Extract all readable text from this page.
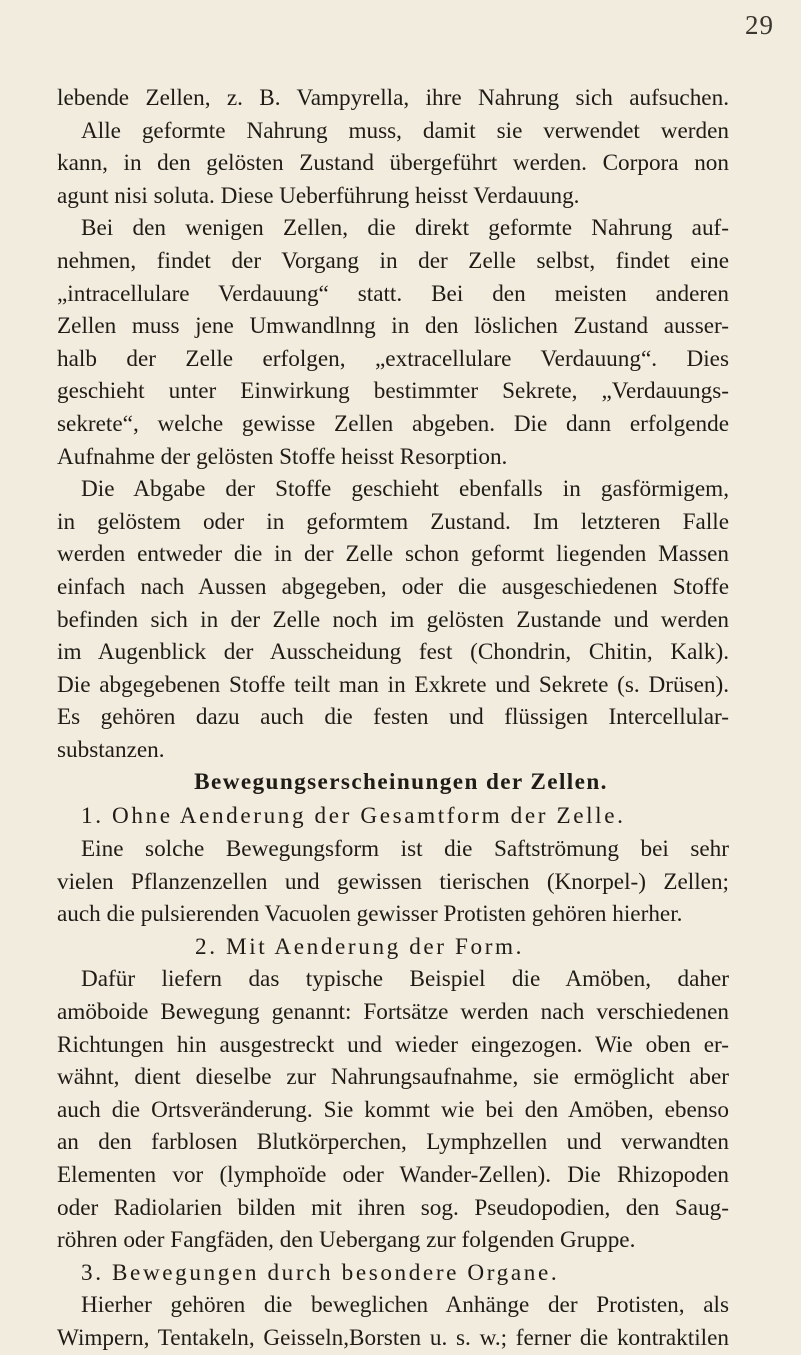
29
lebende Zellen, z. B. Vampyrella, ihre Nahrung sich aufsuchen.
Alle geformte Nahrung muss, damit sie verwendet werden
kann, in den gelösten Zustand übergeführt werden. Corpora non
agunt nisi soluta. Diese Ueberführung heisst Verdauung.
Bei den wenigen Zellen, die direkt geformte Nahrung auf-
nehmen, findet der Vorgang in der Zelle selbst, findet eine
„intracellulare Verdauung“ statt. Bei den meisten anderen
Zellen muss jene Umwandlnng in den löslichen Zustand ausser-
halb der Zelle erfolgen, „extracellulare Verdauung“. Dies
geschieht unter Einwirkung bestimmter Sekrete, „Verdauungs-
sekrete“, welche gewisse Zellen abgeben. Die dann erfolgende
Aufnahme der gelösten Stoffe heisst Resorption.
Die Abgabe der Stoffe geschieht ebenfalls in gasförmigem,
in gelöstem oder in geformtem Zustand. Im letzteren Falle
werden entweder die in der Zelle schon geformt liegenden Massen
einfach nach Aussen abgegeben, oder die ausgeschiedenen Stoffe
befinden sich in der Zelle noch im gelösten Zustande und werden
im Augenblick der Ausscheidung fest (Chondrin, Chitin, Kalk).
Die abgegebenen Stoffe teilt man in Exkrete und Sekrete (s. Drüsen).
Es gehören dazu auch die festen und flüssigen Intercellular-
substanzen.
Bewegungserscheinungen der Zellen.
1. Ohne Aenderung der Gesamtform der Zelle.
Eine solche Bewegungsform ist die Saftströmung bei sehr
vielen Pflanzenzellen und gewissen tierischen (Knorpel-) Zellen;
auch die pulsierenden Vacuolen gewisser Protisten gehören hierher.
2. Mit Aenderung der Form.
Dafür liefern das typische Beispiel die Amöben, daher
amöboide Bewegung genannt: Fortsätze werden nach verschiedenen
Richtungen hin ausgestreckt und wieder eingezogen. Wie oben er-
wähnt, dient dieselbe zur Nahrungsaufnahme, sie ermöglicht aber
auch die Ortsveränderung. Sie kommt wie bei den Amöben, ebenso
an den farblosen Blutkörperchen, Lymphzellen und verwandten
Elementen vor (lymphoïde oder Wander-Zellen). Die Rhizopoden
oder Radiolarien bilden mit ihren sog. Pseudopodien, den Saug-
röhren oder Fangfäden, den Uebergang zur folgenden Gruppe.
3. Bewegungen durch besondere Organe.
Hierher gehören die beweglichen Anhänge der Protisten, als
Wimpern, Tentakeln, Geisseln,Borsten u. s. w.; ferner die kontraktilen
